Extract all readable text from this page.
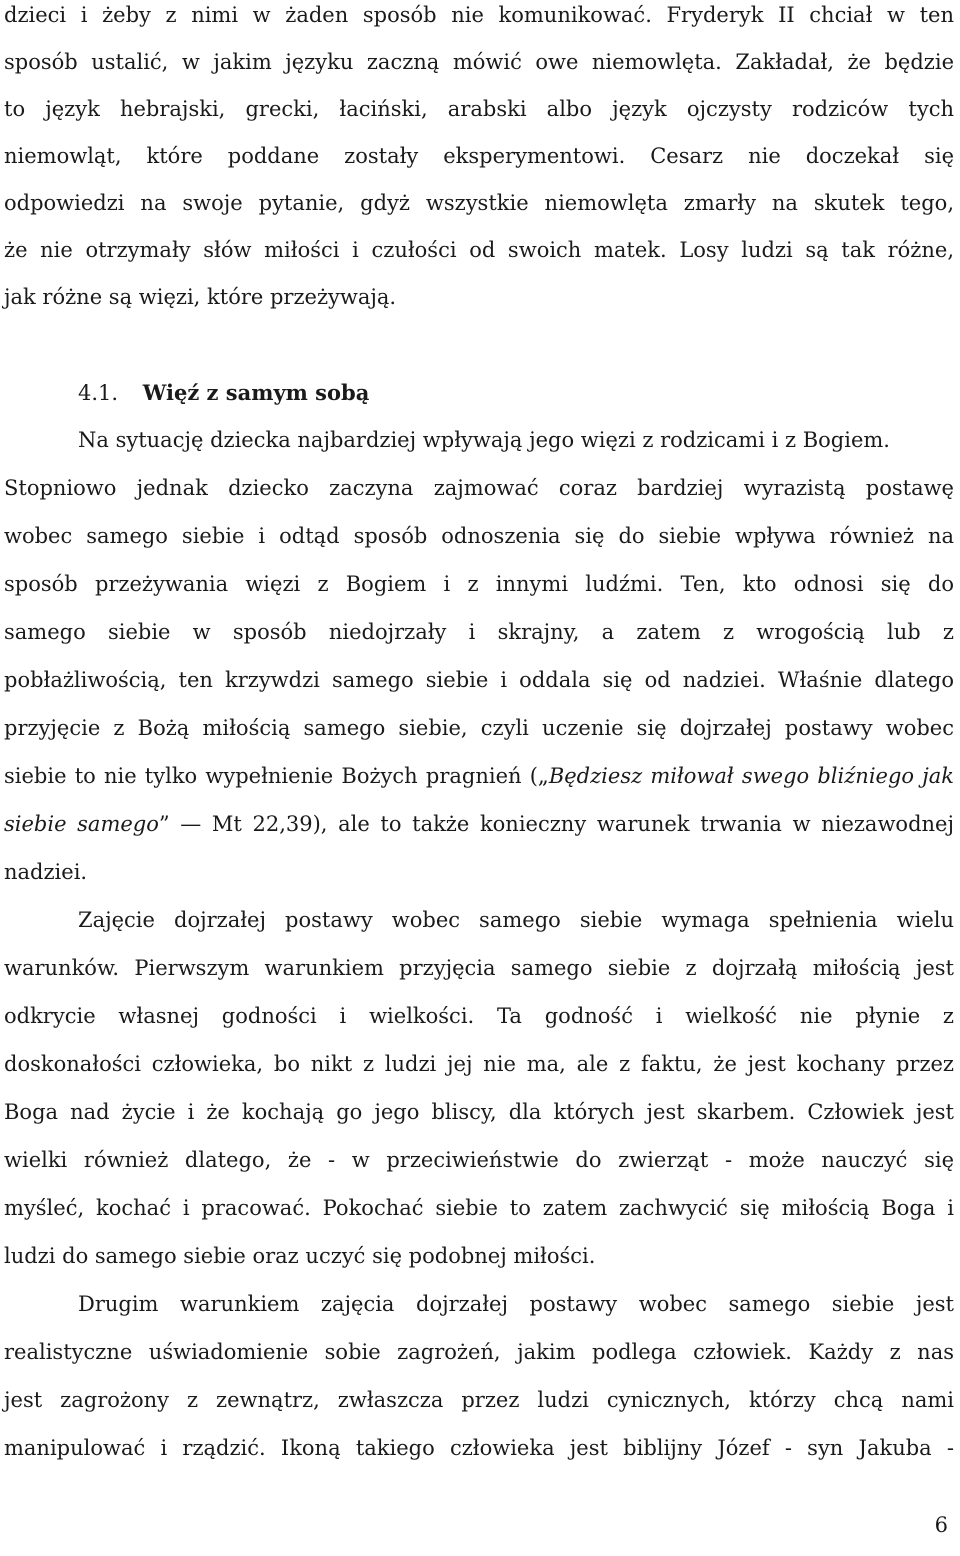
dzieci i żeby z nimi w żaden sposób nie komunikować. Fryderyk II chciał w ten
sposób ustalić, w jakim języku zaczną mówić owe niemowlęta. Zakładał, że będzie
to język hebrajski, grecki, łaciński, arabski albo język ojczysty rodziców tych
niemowląt, które poddane zostały eksperymentowi. Cesarz nie doczekał się
odpowiedzi na swoje pytanie, gdyż wszystkie niemowlęta zmarły na skutek tego,
że nie otrzymały słów miłości i czułości od swoich matek. Losy ludzi są tak różne,
jak różne są więzi, które przeżywają.
4.1. Więź z samym sobą
Na sytuację dziecka najbardziej wpływają jego więzi z rodzicami i z Bogiem.
Stopniowo jednak dziecko zaczyna zajmować coraz bardziej wyrazistą postawę
wobec samego siebie i odtąd sposób odnoszenia się do siebie wpływa również na
sposób przeżywania więzi z Bogiem i z innymi ludźmi. Ten, kto odnosi się do
samego siebie w sposób niedojrzały i skrajny, a zatem z wrogością lub z
pobłażliwością, ten krzywdzi samego siebie i oddala się od nadziei. Właśnie dlatego
przyjęcie z Bożą miłością samego siebie, czyli uczenie się dojrzałej postawy wobec
siebie to nie tylko wypełnienie Bożych pragnień („Będziesz miłował swego bliźniego jak
siebie samego” — Mt 22,39), ale to także konieczny warunek trwania w niezawodnej
nadziei.
Zajęcie dojrzałej postawy wobec samego siebie wymaga spełnienia wielu
warunków. Pierwszym warunkiem przyjęcia samego siebie z dojrzałą miłością jest
odkrycie własnej godności i wielkości. Ta godność i wielkość nie płynie z
doskonałości człowieka, bo nikt z ludzi jej nie ma, ale z faktu, że jest kochany przez
Boga nad życie i że kochają go jego bliscy, dla których jest skarbem. Człowiek jest
wielki również dlatego, że - w przeciwieństwie do zwierząt - może nauczyć się
myśleć, kochać i pracować. Pokochać siebie to zatem zachwycić się miłością Boga i
ludzi do samego siebie oraz uczyć się podobnej miłości.
Drugim warunkiem zajęcia dojrzałej postawy wobec samego siebie jest
realistyczne uświadomienie sobie zagrożeń, jakim podlega człowiek. Każdy z nas
jest zagrożony z zewnątrz, zwłaszcza przez ludzi cynicznych, którzy chcą nami
manipulować i rządzić. Ikoną takiego człowieka jest biblijny Józef - syn Jakuba -
6
